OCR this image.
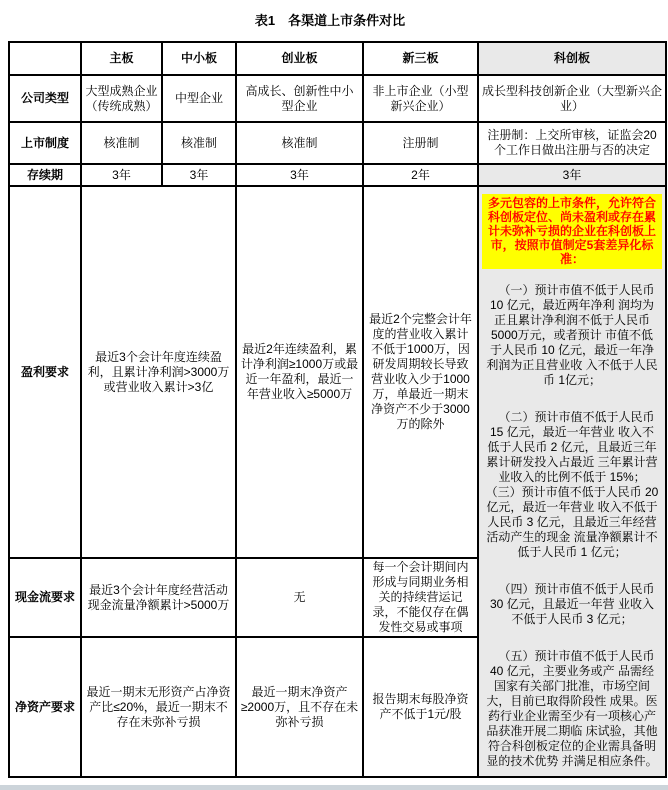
表1　各渠道上市条件对比
	主板	中小板	创业板	新三板	科创板
公司类型	大型成熟企业（传统成熟）	中型企业	高成长、创新性中小型企业	非上市企业（小型新兴企业）	成长型科技创新企业（大型新兴企业）
上市制度	核准制	核准制	核准制	注册制	注册制：上交所审核，证监会20个工作日做出注册与否的决定
存续期	3年	3年	3年	2年	3年
盈利要求	最近3个会计年度连续盈利，且累计净利润>3000万或营业收入累计>3亿		最近2年连续盈利，累计净利润≥1000万或最近一年盈利，最近一年营业收入≥5000万	最近2个完整会计年度的营业收入累计不低于1000万，因研发周期较长导致营业收入少于1000万，单最近一期末净资产不少于3000万的除外	多元包容的上市条件，允许符合科创板定位、尚未盈利或存在累计未弥补亏损的企业在科创板上市，按照市值制定5套差异化标准：

（一）预计市值不低于人民币 10 亿元，最近两年净利 润均为正且累计净利润不低于人民币 5000万元，或者预计 市值不低于人民币 10 亿元，最近一年净利润为正且营业收 入不低于人民币 1亿元；

（二）预计市值不低于人民币 15 亿元，最近一年营业 收入不低于人民币 2 亿元，且最近三年累计研发投入占最近 三年累计营业收入的比例不低于 15%； （三）预计市值不低于人民币 20 亿元，最近一年营业 收入不低于人民币 3 亿元，且最近三年经营活动产生的现金 流量净额累计不低于人民币 1 亿元；

（四）预计市值不低于人民币 30 亿元，且最近一年营 业收入不低于人民币 3 亿元；

（五）预计市值不低于人民币 40 亿元，主要业务或产 品需经国家有关部门批准，市场空间大，目前已取得阶段性 成果。医药行业企业需至少有一项核心产品获准开展二期临 床试验，其他符合科创板定位的企业需具备明显的技术优势 并满足相应条件。

现金流要求	最近3个会计年度经营活动现金流量净额累计>5000万		无	每一个会计期间内形成与同期业务相关的持续营运记录，不能仅存在偶发性交易或事项	
净资产要求	最近一期末无形资产占净资产比≤20%，最近一期末不存在未弥补亏损		最近一期末净资产≥2000万，且不存在未弥补亏损	报告期末每股净资产不低于1元/股	
